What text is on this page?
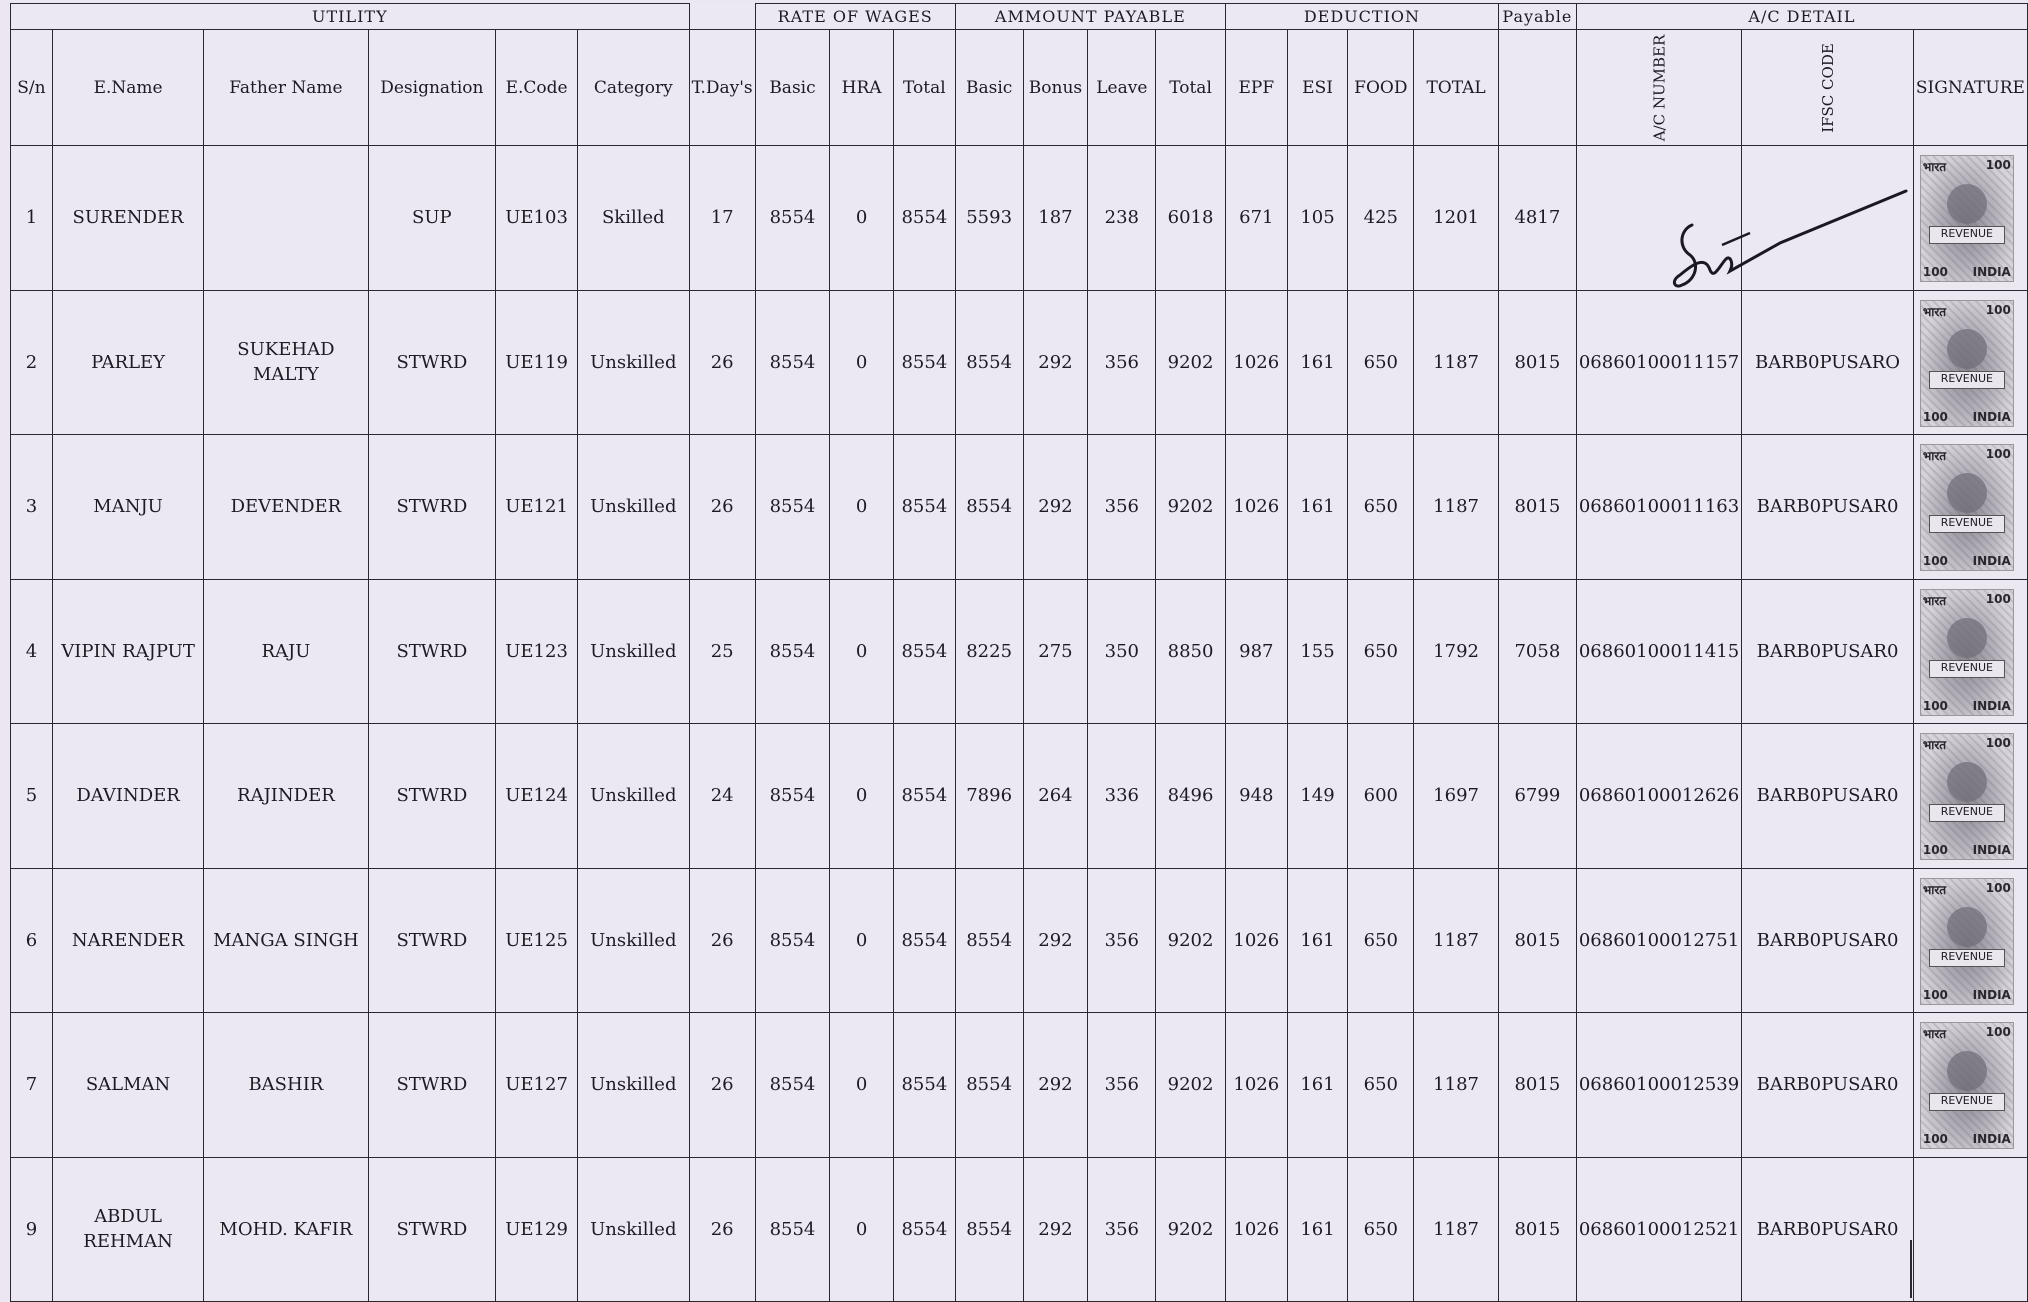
UTILITY							RATE OF WAGES			AMMOUNT PAYABLE				DEDUCTION				Payable	A/C DETAIL		
S/n	E.Name	Father Name	Designation	E.Code	Category	T.Day's	Basic	HRA	Total	Basic	Bonus	Leave	Total	EPF	ESI	FOOD	TOTAL		A/C NUMBER	IFSC CODE	SIGNATURE
1	SURENDER		SUP	UE103	Skilled	17	8554	0	8554	5593	187	238	6018	671	105	425	1201	4817			भारत 100
REVENUE
100 INDIA

2	PARLEY	SUKEHAD MALTY	STWRD	UE119	Unskilled	26	8554	0	8554	8554	292	356	9202	1026	161	650	1187	8015	06860100011157	BARB0PUSARO	भारत 100
REVENUE
100 INDIA

3	MANJU	DEVENDER	STWRD	UE121	Unskilled	26	8554	0	8554	8554	292	356	9202	1026	161	650	1187	8015	06860100011163	BARB0PUSAR0	भारत 100
REVENUE
100 INDIA

4	VIPIN RAJPUT	RAJU	STWRD	UE123	Unskilled	25	8554	0	8554	8225	275	350	8850	987	155	650	1792	7058	06860100011415	BARB0PUSAR0	भारत 100
REVENUE
100 INDIA

5	DAVINDER	RAJINDER	STWRD	UE124	Unskilled	24	8554	0	8554	7896	264	336	8496	948	149	600	1697	6799	06860100012626	BARB0PUSAR0	भारत 100
REVENUE
100 INDIA

6	NARENDER	MANGA SINGH	STWRD	UE125	Unskilled	26	8554	0	8554	8554	292	356	9202	1026	161	650	1187	8015	06860100012751	BARB0PUSAR0	भारत 100
REVENUE
100 INDIA

7	SALMAN	BASHIR	STWRD	UE127	Unskilled	26	8554	0	8554	8554	292	356	9202	1026	161	650	1187	8015	06860100012539	BARB0PUSAR0	भारत 100
REVENUE
100 INDIA

9	ABDUL REHMAN	MOHD. KAFIR	STWRD	UE129	Unskilled	26	8554	0	8554	8554	292	356	9202	1026	161	650	1187	8015	06860100012521	BARB0PUSAR0	
